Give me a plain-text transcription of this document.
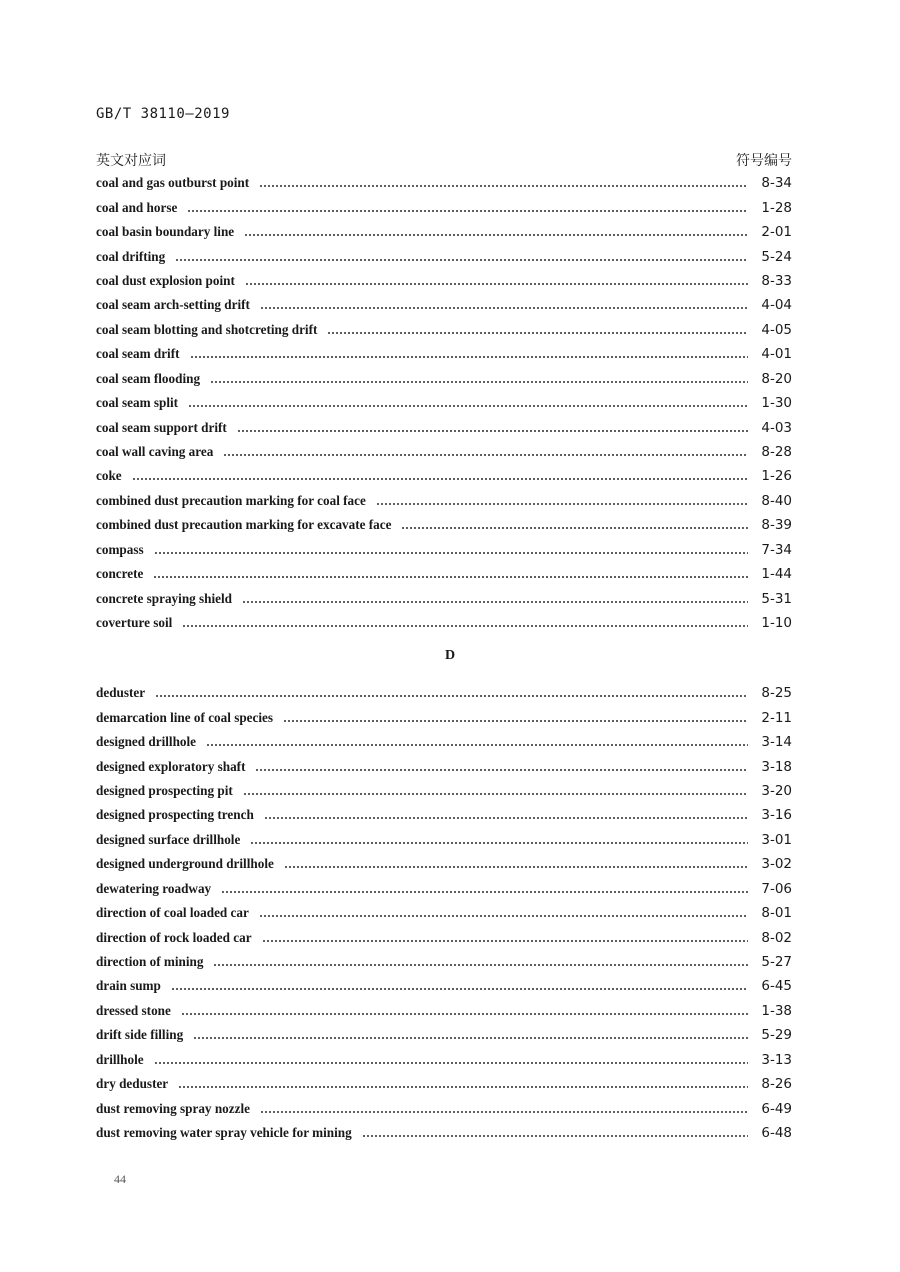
GB/T 38110—2019
英文对应词	符号编号
coal and gas outburst point	8-34
coal and horse	1-28
coal basin boundary line	2-01
coal drifting	5-24
coal dust explosion point	8-33
coal seam arch-setting drift	4-04
coal seam blotting and shotcreting drift	4-05
coal seam drift	4-01
coal seam flooding	8-20
coal seam split	1-30
coal seam support drift	4-03
coal wall caving area	8-28
coke	1-26
combined dust precaution marking for coal face	8-40
combined dust precaution marking for excavate face	8-39
compass	7-34
concrete	1-44
concrete spraying shield	5-31
coverture soil	1-10
D
deduster	8-25
demarcation line of coal species	2-11
designed drillhole	3-14
designed exploratory shaft	3-18
designed prospecting pit	3-20
designed prospecting trench	3-16
designed surface drillhole	3-01
designed underground drillhole	3-02
dewatering roadway	7-06
direction of coal loaded car	8-01
direction of rock loaded car	8-02
direction of mining	5-27
drain sump	6-45
dressed stone	1-38
drift side filling	5-29
drillhole	3-13
dry deduster	8-26
dust removing spray nozzle	6-49
dust removing water spray vehicle for mining	6-48
44
